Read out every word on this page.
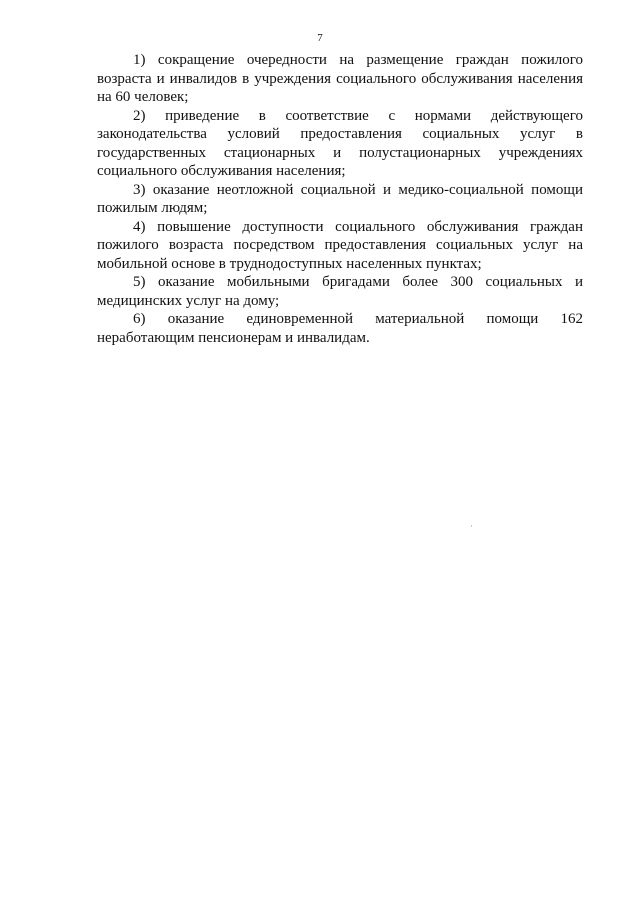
7

1) сокращение очередности на размещение граждан пожилого возраста и инвалидов в учреждения социального обслуживания населения на 60 человек;

2) приведение в соответствие с нормами действующего законодательства условий предоставления социальных услуг в государственных стационарных и полустационарных учреждениях социального обслуживания населения;

3) оказание неотложной социальной и медико-социальной помощи пожилым людям;

4) повышение доступности социального обслуживания граждан пожилого возраста посредством предоставления социальных услуг на мобильной основе в труднодоступных населенных пунктах;

5) оказание мобильными бригадами более 300 социальных и медицинских услуг на дому;

6) оказание единовременной материальной помощи 162

неработающим пенсионерам и инвалидам.
